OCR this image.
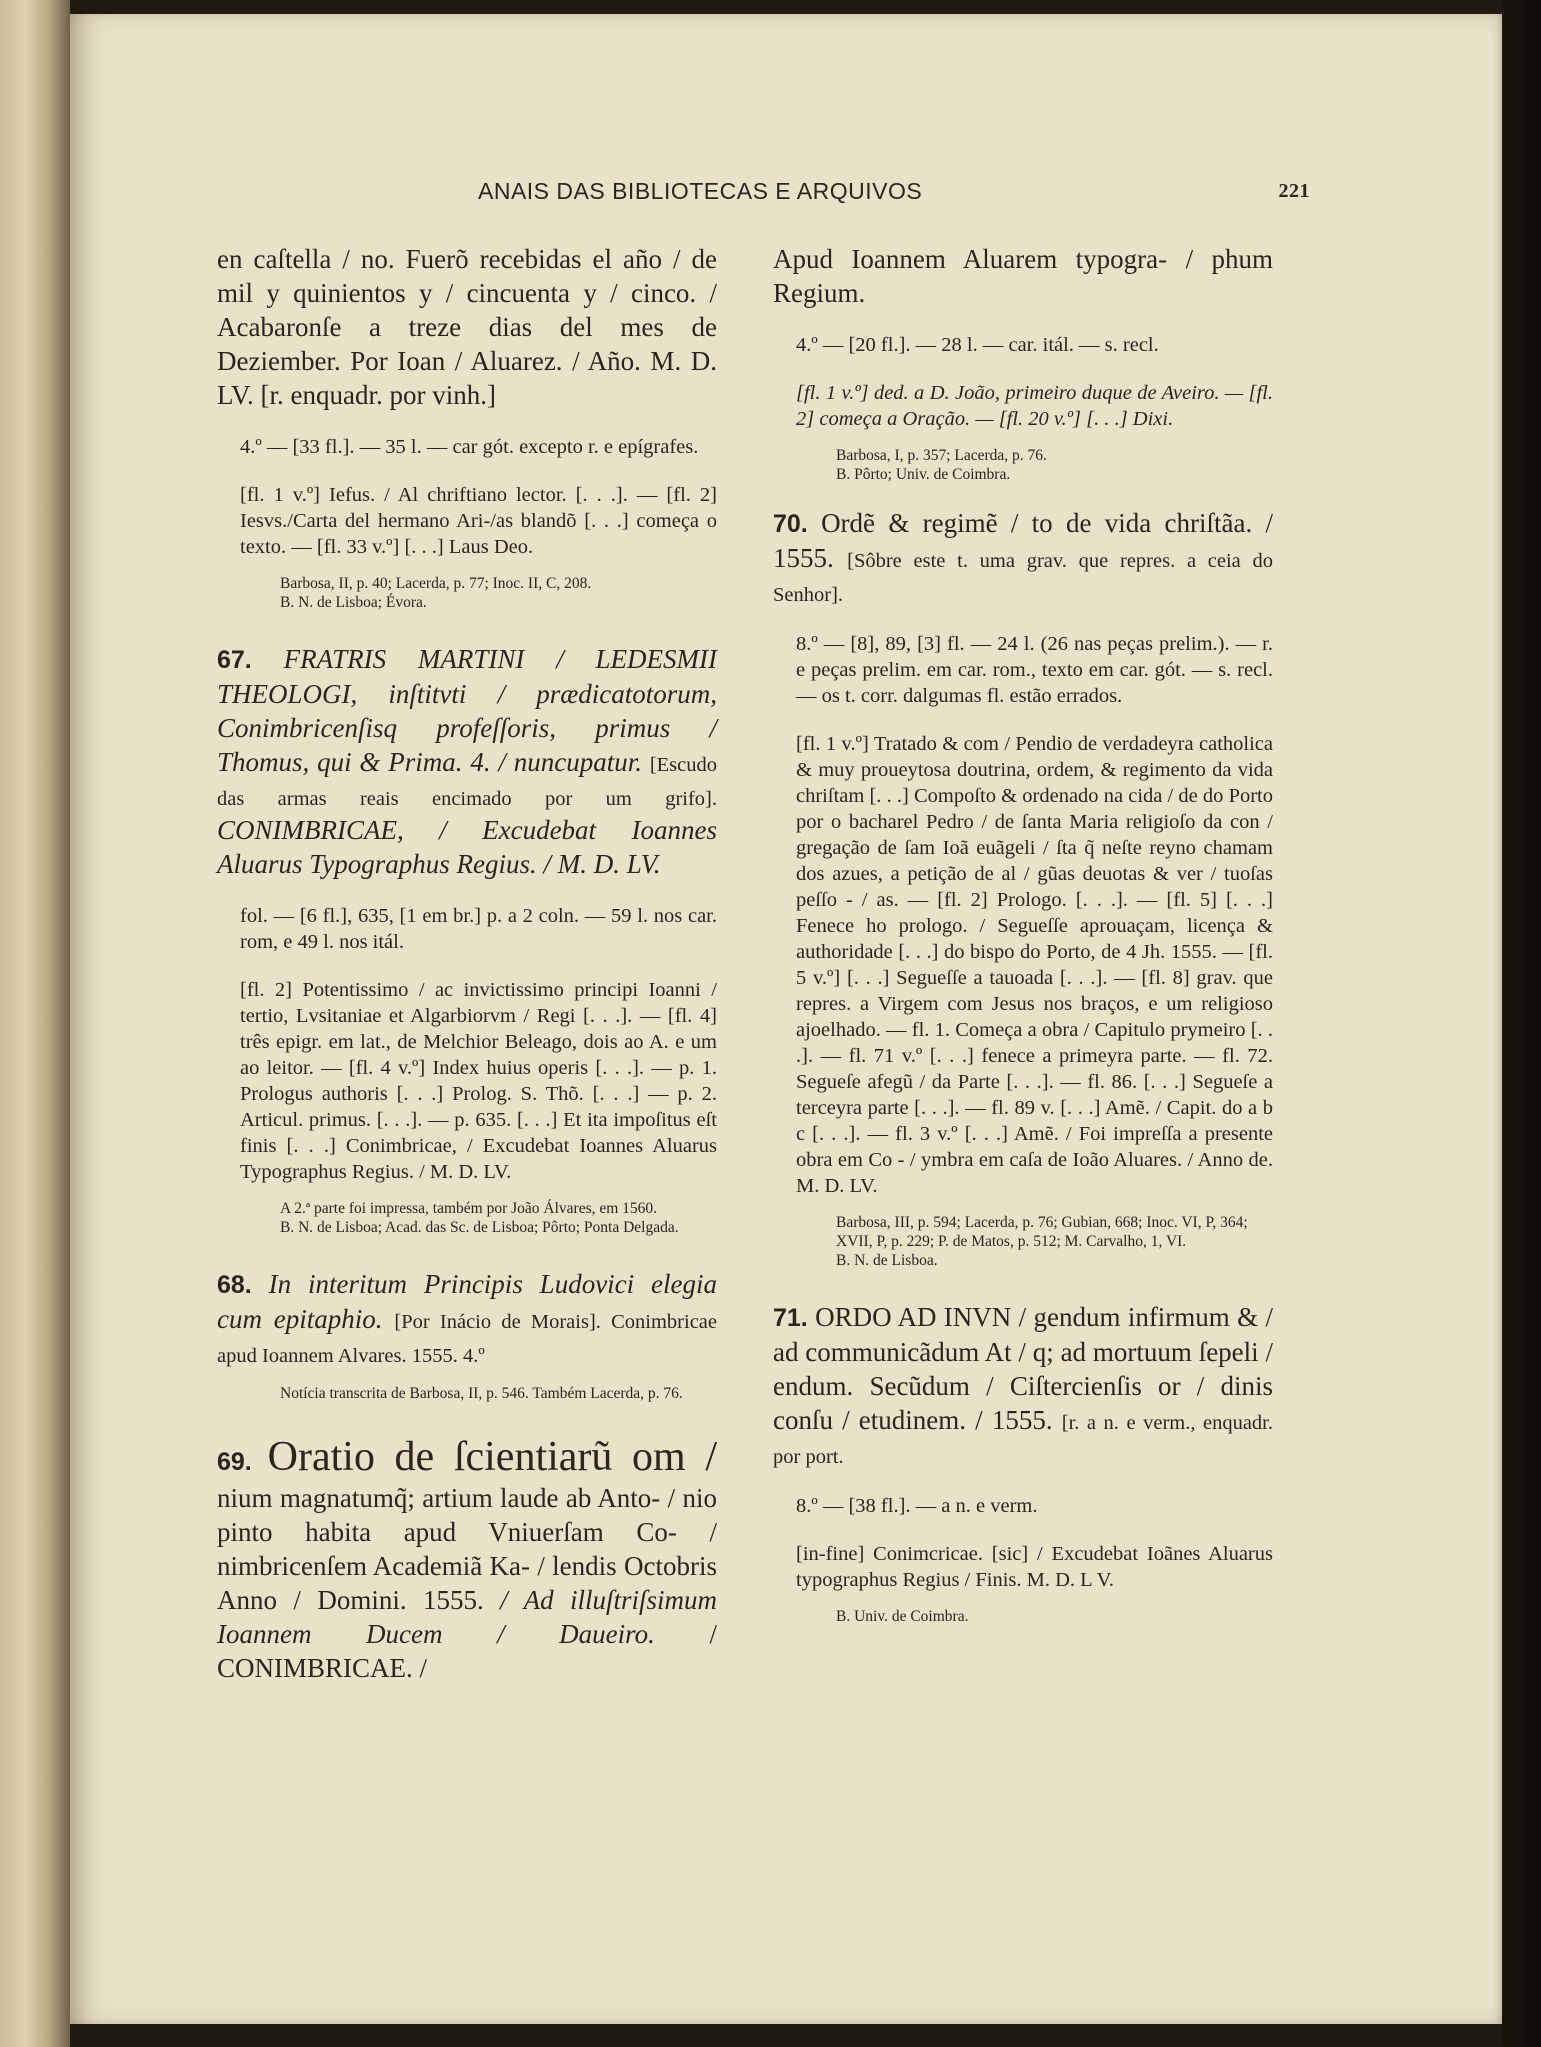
ANAIS DAS BIBLIOTECAS E ARQUIVOS	221

en caſtella / no. Fuerõ recebidas el año / de mil y quinientos y / cincuenta y / cinco. / Acabaronſe a treze dias del mes de Deziember. Por Ioan / Aluarez. / Año. M. D. LV. [r. enquadr. por vinh.]

4.º — [33 fl.]. — 35 l. — car gót. excepto r. e epígrafes.

[fl. 1 v.º] Iefus. / Al chriftiano lector. [. . .]. — [fl. 2] Iesvs./Carta del hermano Ari-/as blandõ [. . .] começa o texto. — [fl. 33 v.º] [. . .] Laus Deo.

Barbosa, II, p. 40; Lacerda, p. 77; Inoc. II, C, 208.

B. N. de Lisboa; Évora.

67. FRATRIS MARTINI / LEDESMII THEOLOGI, inſtitvti / prædicatotorum, Conimbricenſisq profeſſoris, primus / Thomus, qui & Prima. 4. / nuncupatur. [Escudo das armas reais encimado por um grifo]. CONIMBRICAE, / Excudebat Ioannes Aluarus Typographus Regius. / M. D. LV.

fol. — [6 fl.], 635, [1 em br.] p. a 2 coln. — 59 l. nos car. rom, e 49 l. nos itál.

[fl. 2] Potentissimo / ac invictissimo principi Ioanni / tertio, Lvsitaniae et Algarbiorvm / Regi [. . .]. — [fl. 4] três epigr. em lat., de Melchior Beleago, dois ao A. e um ao leitor. — [fl. 4 v.º] Index huius operis [. . .]. — p. 1. Prologus authoris [. . .] Prolog. S. Thõ. [. . .] — p. 2. Articul. primus. [. . .]. — p. 635. [. . .] Et ita impoſitus eſt finis [. . .] Conimbricae, / Excudebat Ioannes Aluarus Typographus Regius. / M. D. LV.

A 2.ª parte foi impressa, também por João Álvares, em 1560.

B. N. de Lisboa; Acad. das Sc. de Lisboa; Pôrto; Ponta Delgada.

68. In interitum Principis Ludovici elegia cum epitaphio. [Por Inácio de Morais]. Conimbricae apud Ioannem Alvares. 1555. 4.º

Notícia transcrita de Barbosa, II, p. 546. Também Lacerda, p. 76.

69. Oratio de ſcientiarũ om / nium magnatumq̃; artium laude ab Anto- / nio pinto habita apud Vniuerſam Co- / nimbricenſem Academiã Ka- / lendis Octobris Anno / Domini. 1555. / Ad illuſtriſsimum Ioannem Ducem / Daueiro. / CONIMBRICAE. /

Apud Ioannem Aluarem typogra- / phum Regium.

4.º — [20 fl.]. — 28 l. — car. itál. — s. recl.

[fl. 1 v.º] ded. a D. João, primeiro duque de Aveiro. — [fl. 2] começa a Oração. — [fl. 20 v.º] [. . .] Dixi.

Barbosa, I, p. 357; Lacerda, p. 76.

B. Pôrto; Univ. de Coimbra.

70. Ordẽ & regimẽ / to de vida chriſtãa. / 1555. [Sôbre este t. uma grav. que repres. a ceia do Senhor].

8.º — [8], 89, [3] fl. — 24 l. (26 nas peças prelim.). — r. e peças prelim. em car. rom., texto em car. gót. — s. recl. — os t. corr. dalgumas fl. estão errados.

[fl. 1 v.º] Tratado & com / Pendio de verdadeyra catholica & muy proueytosa doutrina, ordem, & regimento da vida chriſtam [. . .] Compoſto & ordenado na cida / de do Porto por o bacharel Pedro / de ſanta Maria religioſo da con / gregação de ſam Ioã euãgeli / ſta q̃ neſte reyno chamam dos azues, a petição de al / gũas deuotas & ver / tuoſas peſſo - / as. — [fl. 2] Prologo. [. . .]. — [fl. 5] [. . .] Fenece ho prologo. / Segueſſe aprouaçam, licença & authoridade [. . .] do bispo do Porto, de 4 Jh. 1555. — [fl. 5 v.º] [. . .] Segueſſe a tauoada [. . .]. — [fl. 8] grav. que repres. a Virgem com Jesus nos braços, e um religioso ajoelhado. — fl. 1. Começa a obra / Capitulo prymeiro [. . .]. — fl. 71 v.º [. . .] fenece a primeyra parte. — fl. 72. Segueſe afegũ / da Parte [. . .]. — fl. 86. [. . .] Segueſe a terceyra parte [. . .]. — fl. 89 v. [. . .] Amẽ. / Capit. do a b c [. . .]. — fl. 3 v.º [. . .] Amẽ. / Foi impreſſa a presente obra em Co - / ymbra em caſa de Ioão Aluares. / Anno de. M. D. LV.

Barbosa, III, p. 594; Lacerda, p. 76; Gubian, 668; Inoc. VI, P, 364; XVII, P, p. 229; P. de Matos, p. 512; M. Carvalho, 1, VI.

B. N. de Lisboa.

71. ORDO AD INVN / gendum infirmum & / ad communicãdum At / q; ad mortuum ſepeli / endum. Secũdum / Ciſtercienſis or / dinis conſu / etudinem. / 1555. [r. a n. e verm., enquadr. por port.

8.º — [38 fl.]. — a n. e verm.

[in-fine] Conimcricae. [sic] / Excudebat Ioãnes Aluarus typographus Regius / Finis. M. D. L V.

B. Univ. de Coimbra.
